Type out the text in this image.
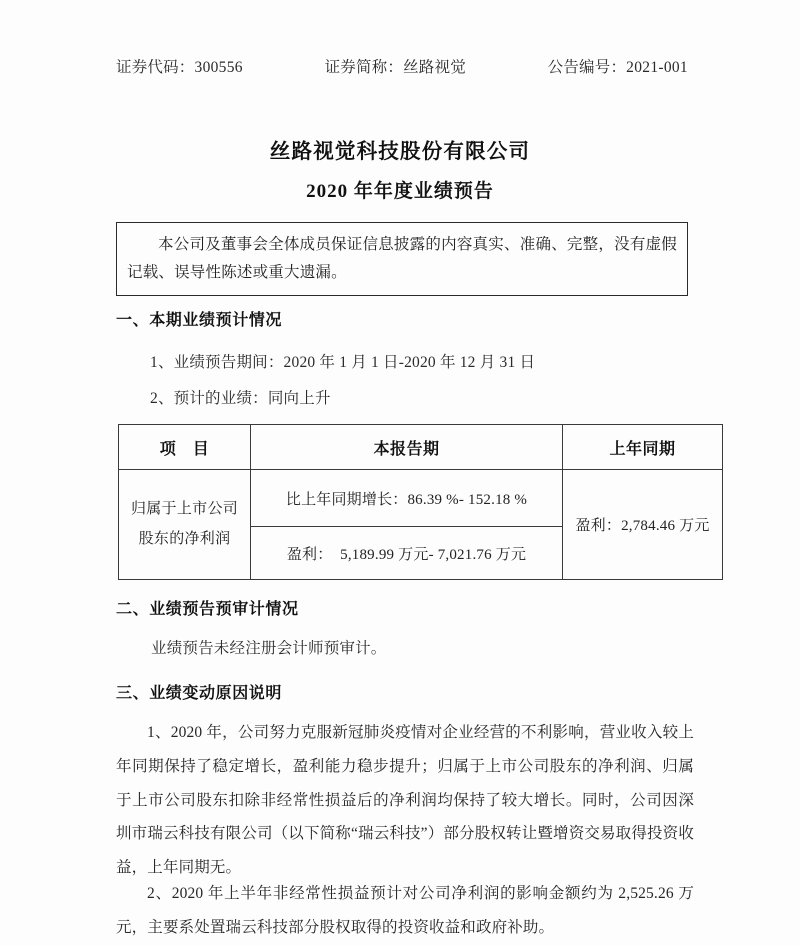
证券代码：300556	证券简称：丝路视觉	公告编号：2021-001
丝路视觉科技股份有限公司
2020 年年度业绩预告
本公司及董事会全体成员保证信息披露的内容真实、准确、完整，没有虚假记载、误导性陈述或重大遗漏。
一、本期业绩预计情况
1、业绩预告期间：2020 年 1 月 1 日-2020 年 12 月 31 日
2、预计的业绩：同向上升
项　目	本报告期	上年同期

归属于上市公司
股东的净利润	比上年同期增长：86.39 %- 152.18 %	盈利：2,784.46 万元
	盈利：　5,189.99 万元- 7,021.76 万元	
二、业绩预告预审计情况
业绩预告未经注册会计师预审计。
三、业绩变动原因说明
1、2020 年，公司努力克服新冠肺炎疫情对企业经营的不利影响，营业收入较上年同期保持了稳定增长，盈利能力稳步提升；归属于上市公司股东的净利润、归属于上市公司股东扣除非经常性损益后的净利润均保持了较大增长。同时，公司因深圳市瑞云科技有限公司（以下简称“瑞云科技”）部分股权转让暨增资交易取得投资收益，上年同期无。
2、2020 年上半年非经常性损益预计对公司净利润的影响金额约为 2,525.26 万元，主要系处置瑞云科技部分股权取得的投资收益和政府补助。
